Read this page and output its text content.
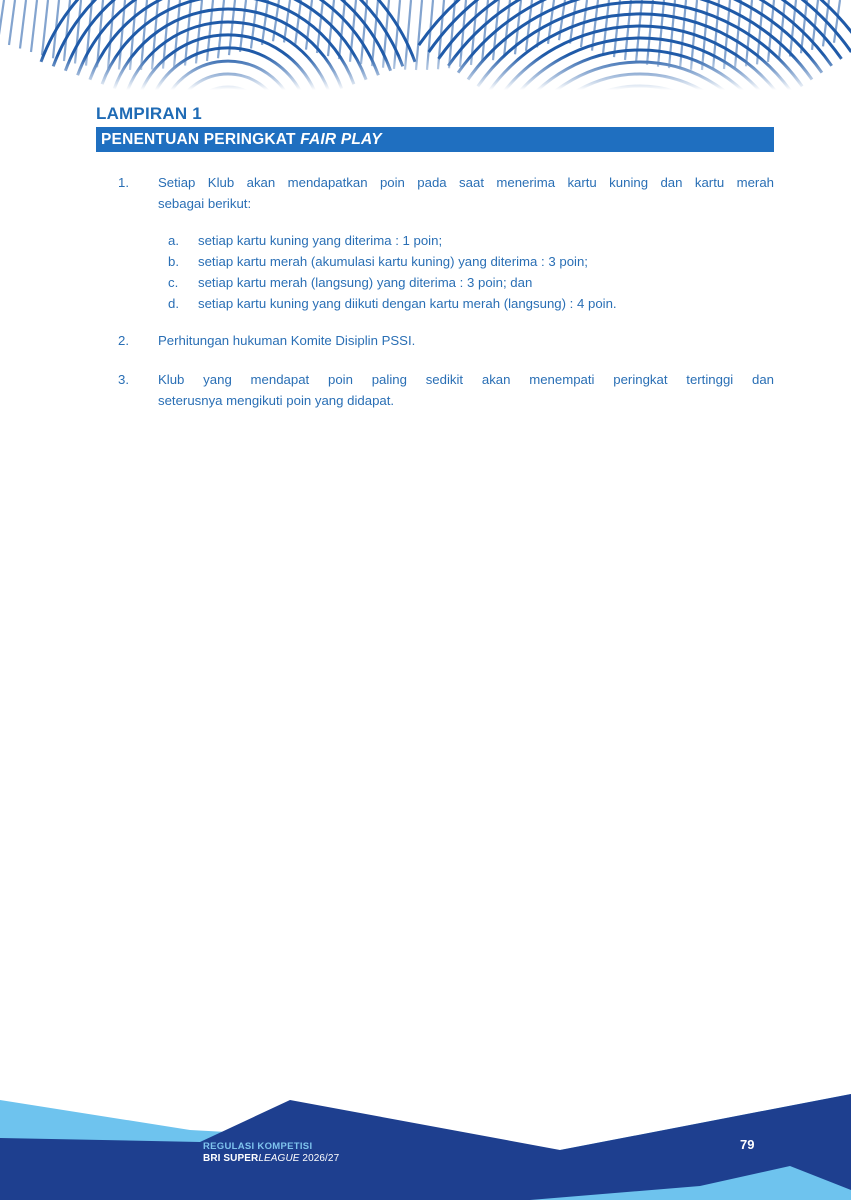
LAMPIRAN 1
PENENTUAN PERINGKAT FAIR PLAY
1. Setiap Klub akan mendapatkan poin pada saat menerima kartu kuning dan kartu merah
sebagai berikut:
a. setiap kartu kuning yang diterima : 1 poin;
b. setiap kartu merah (akumulasi kartu kuning) yang diterima : 3 poin;
c. setiap kartu merah (langsung) yang diterima : 3 poin; dan
d. setiap kartu kuning yang diikuti dengan kartu merah (langsung) : 4 poin.
2. Perhitungan hukuman Komite Disiplin PSSI.
3. Klub yang mendapat poin paling sedikit akan menempati peringkat tertinggi dan
seterusnya mengikuti poin yang didapat.
REGULASI KOMPETISI
BRI SUPERLEAGUE 2026/27
79
